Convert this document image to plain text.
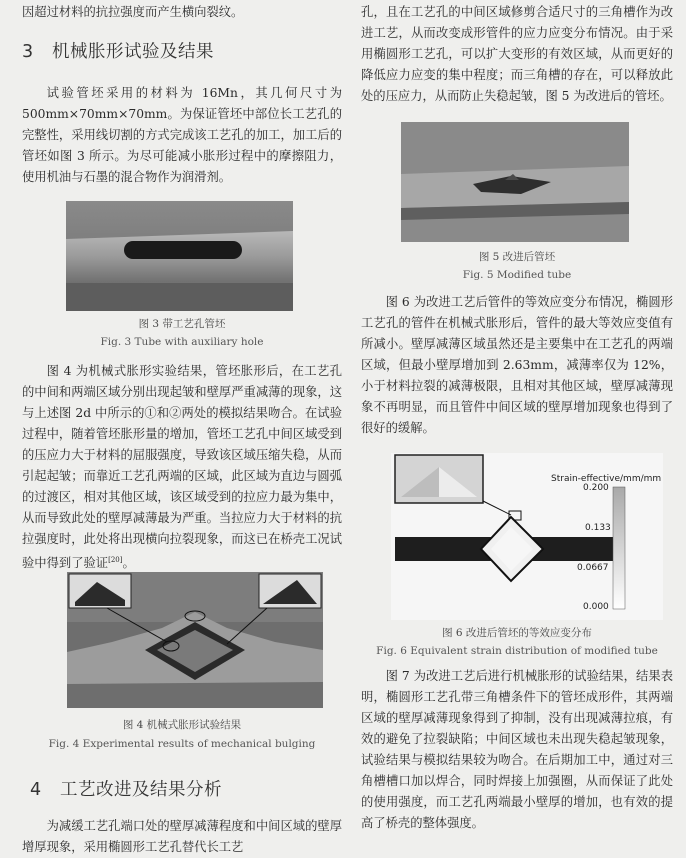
因超过材料的抗拉强度而产生横向裂纹。

3 机械胀形试验及结果

试验管坯采用的材料为 16Mn，其几何尺寸为 500mm×70mm×70mm。为保证管坯中部位长工艺孔的完整性，采用线切割的方式完成该工艺孔的加工，加工后的管坯如图 3 所示。为尽可能减小胀形过程中的摩擦阻力，使用机油与石墨的混合物作为润滑剂。

图 3 带工艺孔管坯
Fig. 3 Tube with auxiliary hole

图 4 为机械式胀形实验结果，管坯胀形后，在工艺孔的中间和两端区域分别出现起皱和壁厚严重减薄的现象，这与上述图 2d 中所示的①和②两处的模拟结果吻合。在试验过程中，随着管坯胀形量的增加，管坯工艺孔中间区域受到的压应力大于材料的屈服强度，导致该区域压缩失稳，从而引起起皱；而靠近工艺孔两端的区域，此区域为直边与圆弧的过渡区，相对其他区域，该区域受到的拉应力最为集中，从而导致此处的壁厚减薄最为严重。当拉应力大于材料的抗拉强度时，此处将出现横向拉裂现象，而这已在桥壳工况试验中得到了验证[20]。

图 4 机械式胀形试验结果
Fig. 4 Experimental results of mechanical bulging
4 工艺改进及结果分析

为减缓工艺孔端口处的壁厚减薄程度和中间区域的壁厚增厚现象，采用椭圆形工艺孔替代长工艺

孔，且在工艺孔的中间区域修剪合适尺寸的三角槽作为改进工艺，从而改变成形管件的应力应变分布情况。由于采用椭圆形工艺孔，可以扩大变形的有效区域，从而更好的降低应力应变的集中程度；而三角槽的存在，可以释放此处的压应力，从而防止失稳起皱，图 5 为改进后的管坯。

图 5 改进后管坯
Fig. 5 Modified tube

图 6 为改进工艺后管件的等效应变分布情况，椭圆形工艺孔的管件在机械式胀形后，管件的最大等效应变值有所减小。壁厚减薄区域虽然还是主要集中在工艺孔的两端区域，但最小壁厚增加到 2.63mm，减薄率仅为 12%，小于材料拉裂的减薄极限，且相对其他区域，壁厚减薄现象不再明显，而且管件中间区域的壁厚增加现象也得到了很好的缓解。

Strain-effective/mm/mm
0.200
0.133
0.0667
0.000
图 6 改进后管坯的等效应变分布
Fig. 6 Equivalent strain distribution of modified tube

图 7 为改进工艺后进行机械胀形的试验结果，结果表明，椭圆形工艺孔带三角槽条件下的管坯成形件，其两端区域的壁厚减薄现象得到了抑制，没有出现减薄拉痕，有效的避免了拉裂缺陷；中间区域也未出现失稳起皱现象，试验结果与模拟结果较为吻合。在后期加工中，通过对三角槽槽口加以焊合，同时焊接上加强圈，从而保证了此处的使用强度，而工艺孔两端最小壁厚的增加，也有效的提高了桥壳的整体强度。
